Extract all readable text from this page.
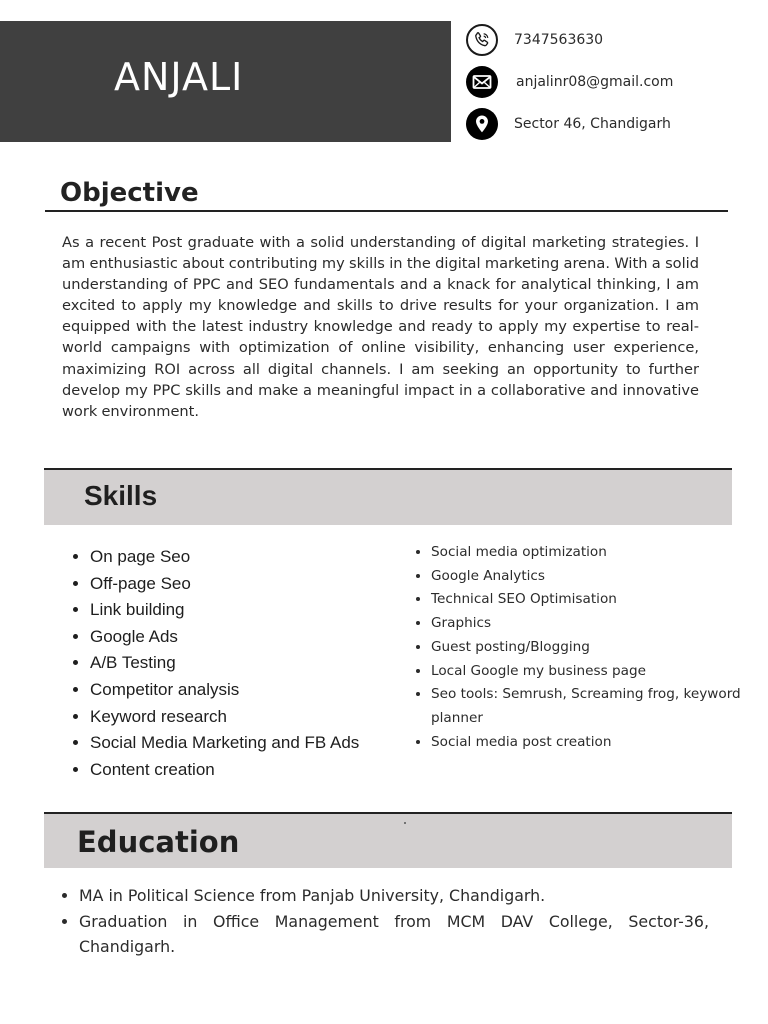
ANJALI
7347563630
anjalinr08@gmail.com
Sector 46, Chandigarh
Objective

As a recent Post graduate with a solid understanding of digital marketing strategies. I am enthusiastic about contributing my skills in the digital marketing arena. With a solid understanding of PPC and SEO fundamentals and a knack for analytical thinking, I am excited to apply my knowledge and skills to drive results for your organization. I am equipped with the latest industry knowledge and ready to apply my expertise to real-world campaigns with optimization of online visibility, enhancing user experience, maximizing ROI across all digital channels. I am seeking an opportunity to further develop my PPC skills and make a meaningful impact in a collaborative and innovative work environment.

Skills
• On page Seo
• Off-page Seo
• Link building
• Google Ads
• A/B Testing
• Competitor analysis
• Keyword research
• Social Media Marketing and FB Ads
• Content creation
• Social media optimization
• Google Analytics
• Technical SEO Optimisation
• Graphics
• Guest posting/Blogging
• Local Google my business page
• Seo tools: Semrush, Screaming frog, keyword planner
• Social media post creation
Education
• MA in Political Science from Panjab University, Chandigarh.
• Graduation in Office Management from MCM DAV College, Sector-36, Chandigarh.
